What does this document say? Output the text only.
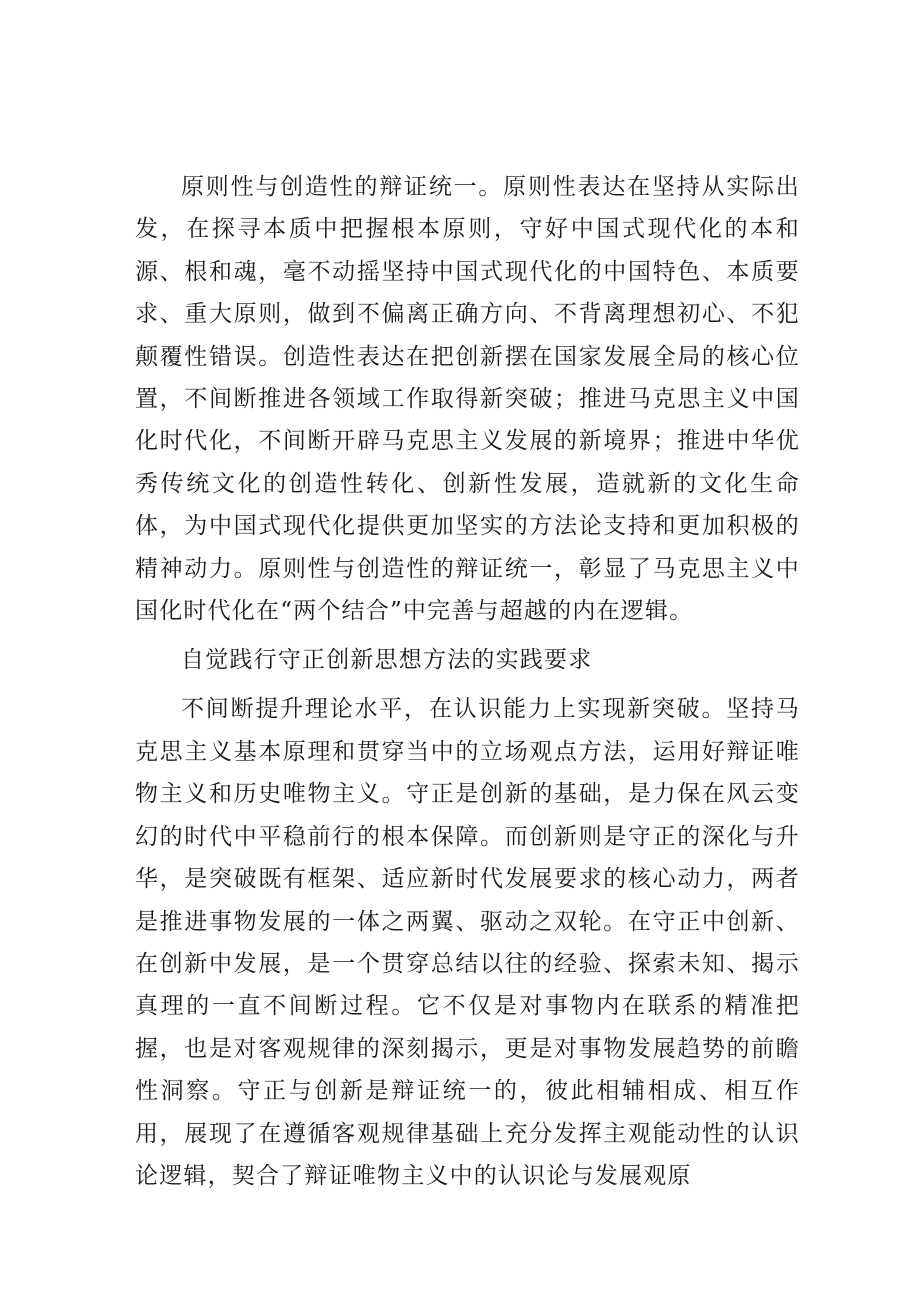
原则性与创造性的辩证统一。原则性表达在坚持从实际出发，在探寻本质中把握根本原则，守好中国式现代化的本和源、根和魂，毫不动摇坚持中国式现代化的中国特色、本质要求、重大原则，做到不偏离正确方向、不背离理想初心、不犯颠覆性错误。创造性表达在把创新摆在国家发展全局的核心位置，不间断推进各领域工作取得新突破；推进马克思主义中国化时代化，不间断开辟马克思主义发展的新境界；推进中华优秀传统文化的创造性转化、创新性发展，造就新的文化生命体，为中国式现代化提供更加坚实的方法论支持和更加积极的精神动力。原则性与创造性的辩证统一，彰显了马克思主义中国化时代化在“两个结合”中完善与超越的内在逻辑。

自觉践行守正创新思想方法的实践要求

不间断提升理论水平，在认识能力上实现新突破。坚持马克思主义基本原理和贯穿当中的立场观点方法，运用好辩证唯物主义和历史唯物主义。守正是创新的基础，是力保在风云变幻的时代中平稳前行的根本保障。而创新则是守正的深化与升华，是突破既有框架、适应新时代发展要求的核心动力，两者是推进事物发展的一体之两翼、驱动之双轮。在守正中创新、在创新中发展，是一个贯穿总结以往的经验、探索未知、揭示真理的一直不间断过程。它不仅是对事物内在联系的精准把握，也是对客观规律的深刻揭示，更是对事物发展趋势的前瞻性洞察。守正与创新是辩证统一的，彼此相辅相成、相互作用，展现了在遵循客观规律基础上充分发挥主观能动性的认识论逻辑，契合了辩证唯物主义中的认识论与发展观原
